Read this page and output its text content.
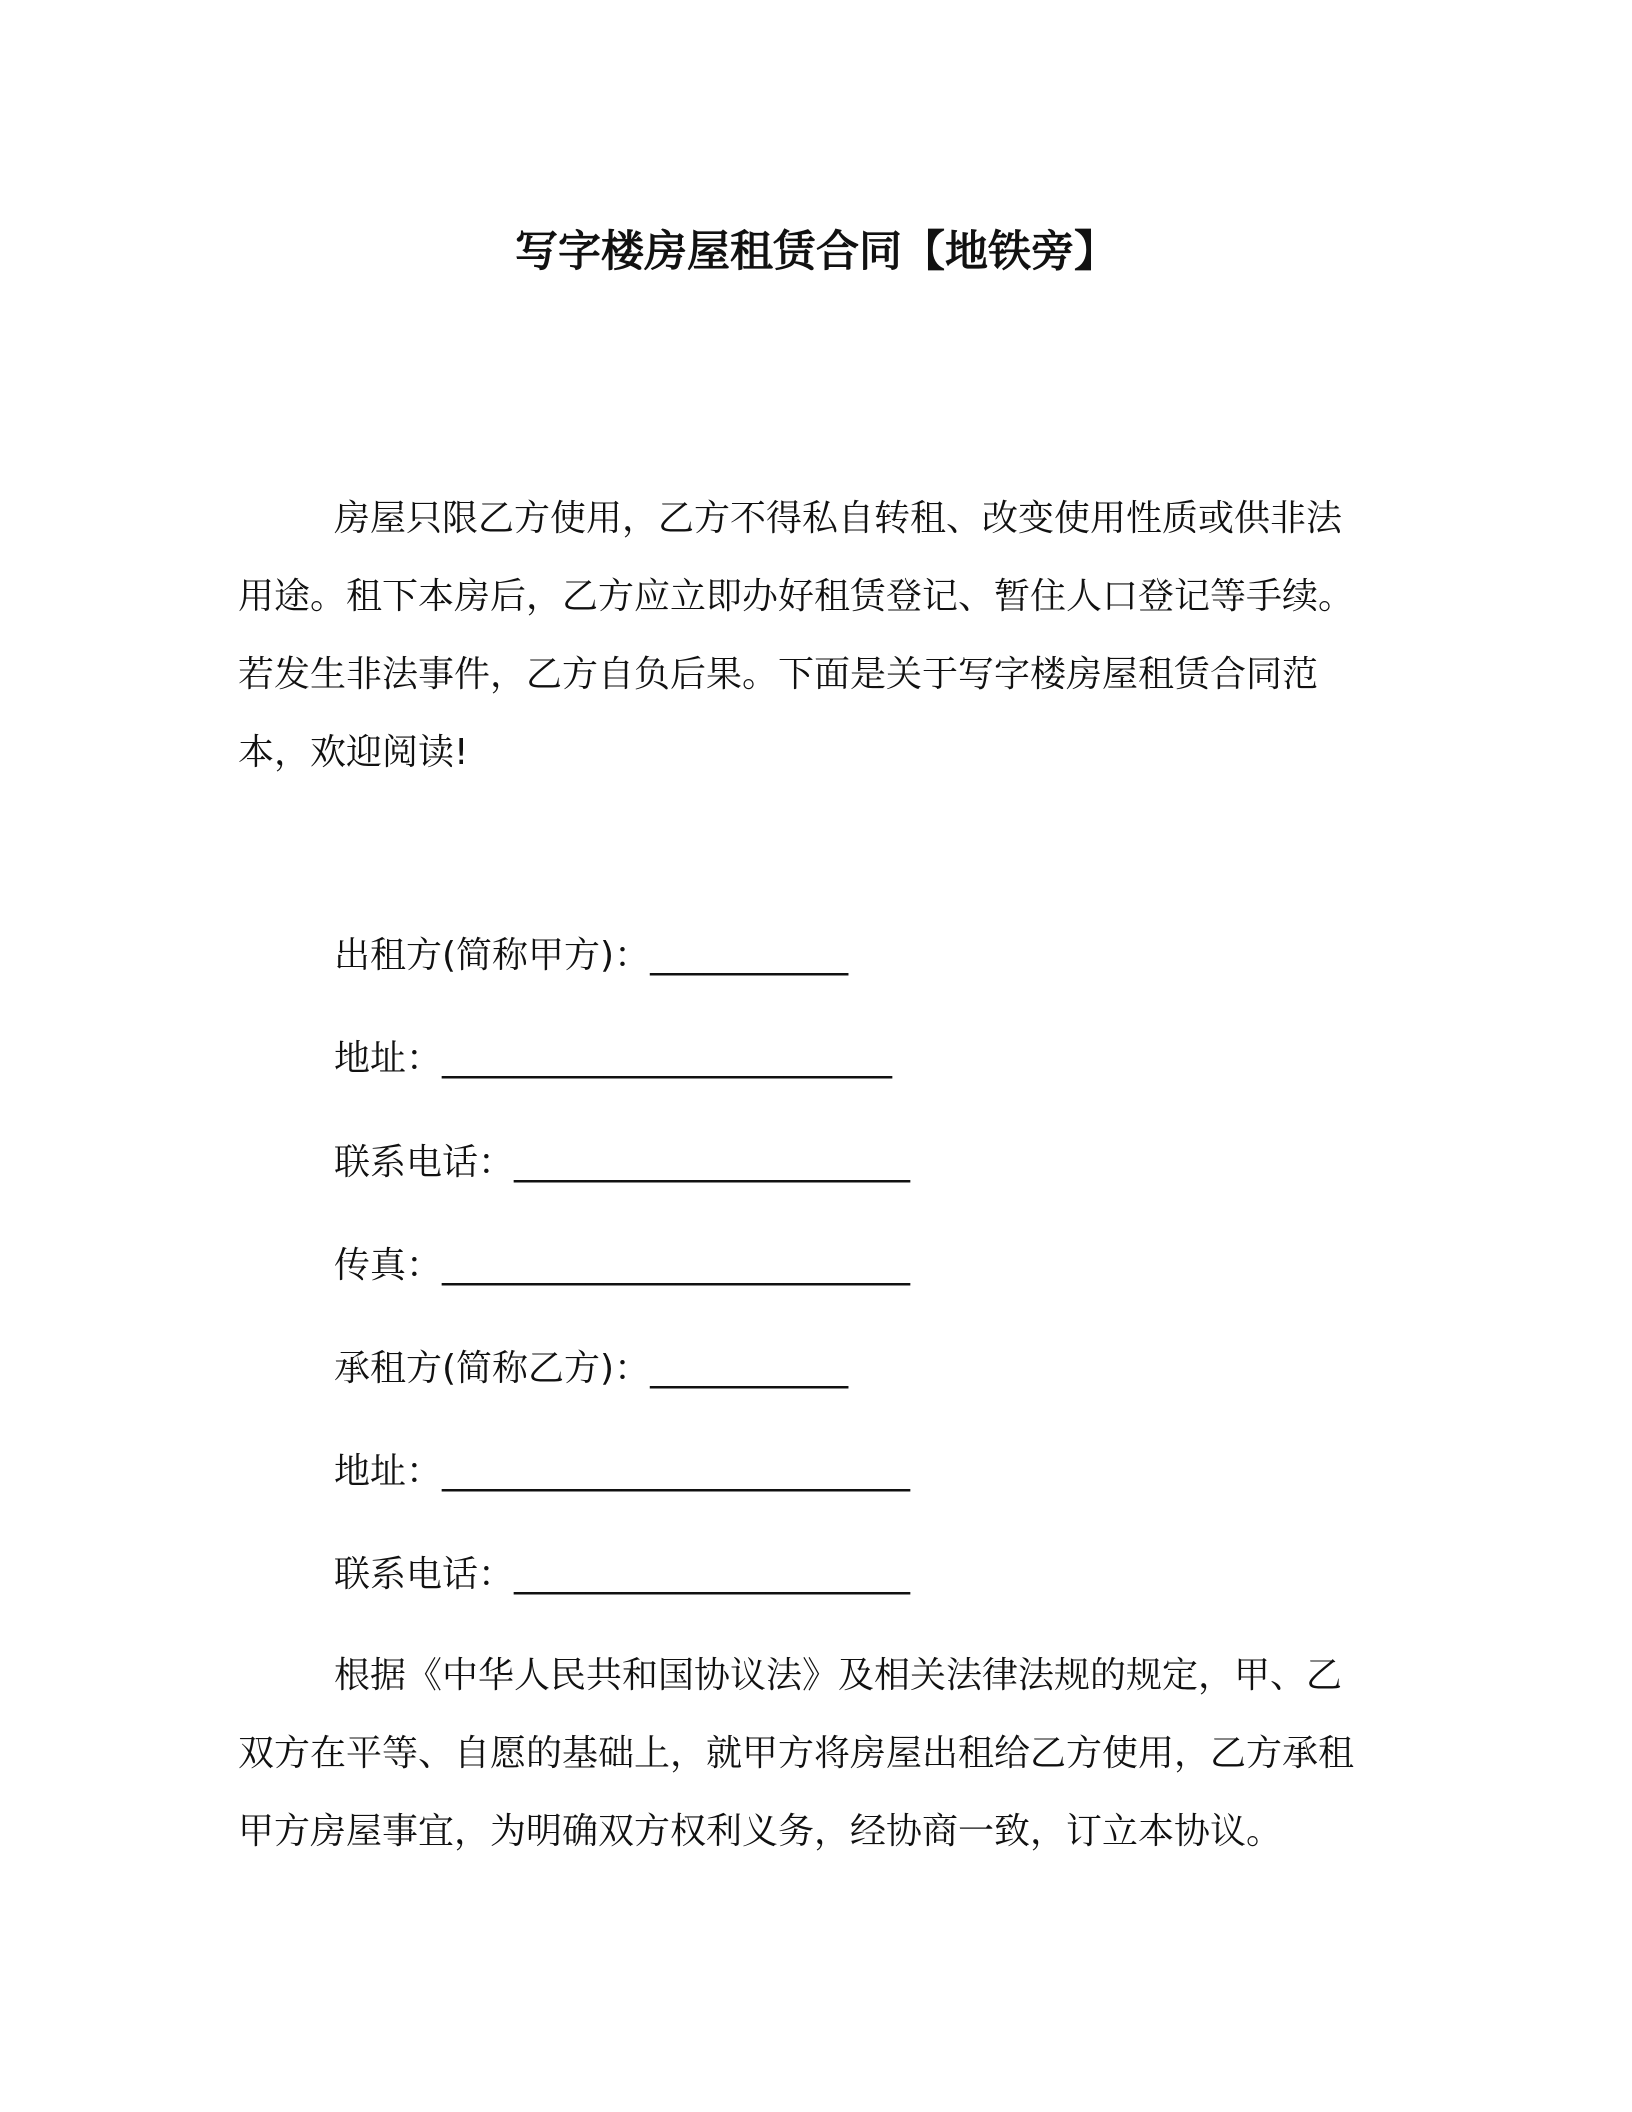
写字楼房屋租赁合同【地铁旁】

房屋只限乙方使用，乙方不得私自转租、改变使用性质或供非法用途。租下本房后，乙方应立即办好租赁登记、暂住人口登记等手续。若发生非法事件，乙方自负后果。下面是关于写字楼房屋租赁合同范本，欢迎阅读!

出租方(简称甲方)：___________
地址：_________________________
联系电话：______________________
传真：__________________________
承租方(简称乙方)：___________
地址：__________________________
联系电话：______________________

根据《中华人民共和国协议法》及相关法律法规的规定，甲、乙双方在平等、自愿的基础上，就甲方将房屋出租给乙方使用，乙方承租甲方房屋事宜，为明确双方权利义务，经协商一致，订立本协议。
